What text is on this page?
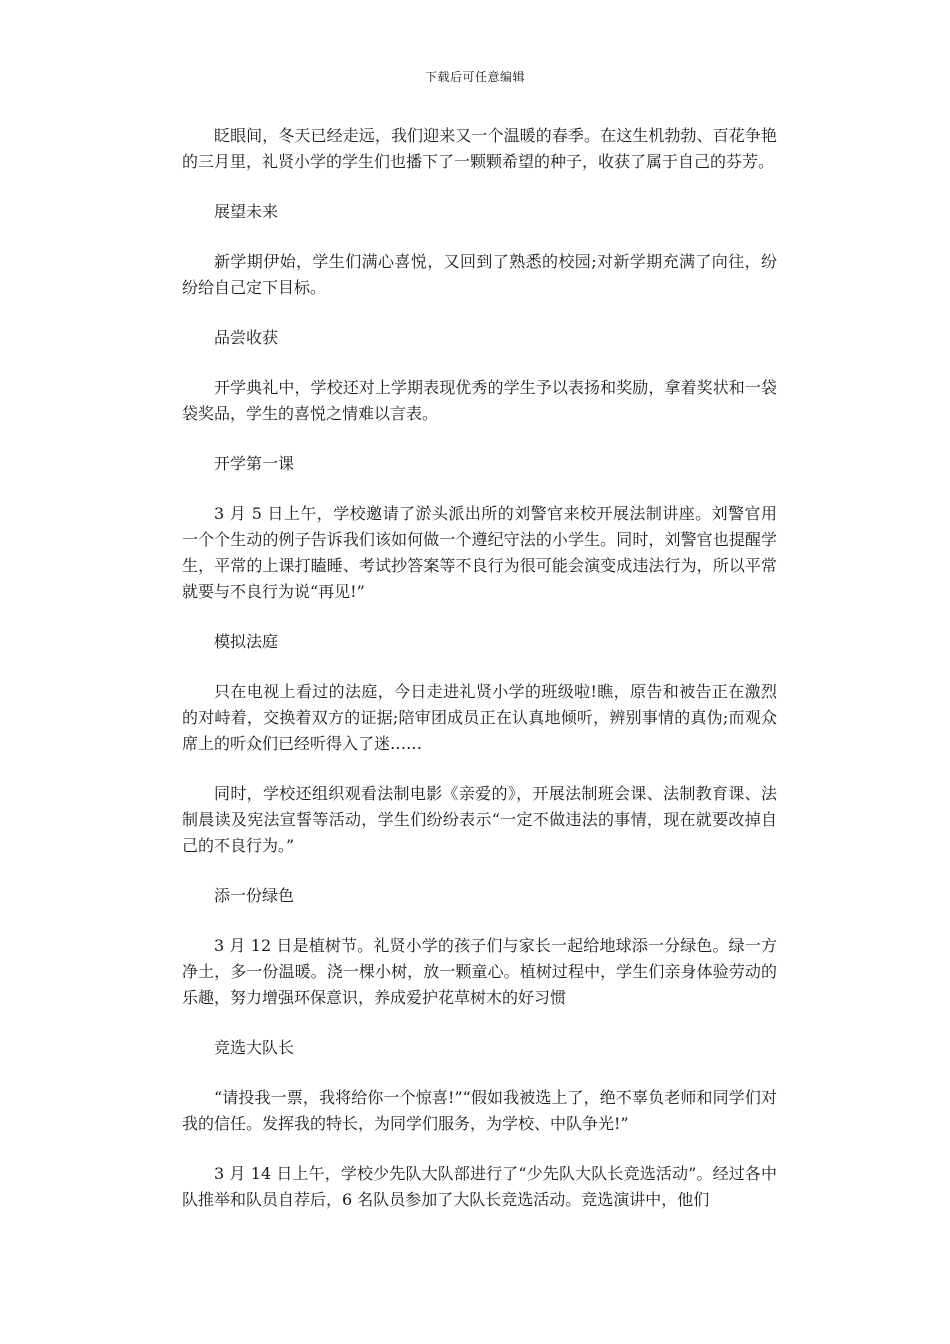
下载后可任意编辑

眨眼间，冬天已经走远，我们迎来又一个温暖的春季。在这生机勃勃、百花争艳的三月里，礼贤小学的学生们也播下了一颗颗希望的种子，收获了属于自己的芬芳。

展望未来

新学期伊始，学生们满心喜悦，又回到了熟悉的校园;对新学期充满了向往，纷纷给自己定下目标。

品尝收获

开学典礼中，学校还对上学期表现优秀的学生予以表扬和奖励，拿着奖状和一袋袋奖品，学生的喜悦之情难以言表。

开学第一课

3 月 5 日上午，学校邀请了淤头派出所的刘警官来校开展法制讲座。刘警官用一个个生动的例子告诉我们该如何做一个遵纪守法的小学生。同时，刘警官也提醒学生，平常的上课打瞌睡、考试抄答案等不良行为很可能会演变成违法行为，所以平常就要与不良行为说“再见!”

模拟法庭

只在电视上看过的法庭，今日走进礼贤小学的班级啦!瞧，原告和被告正在激烈的对峙着，交换着双方的证据;陪审团成员正在认真地倾听，辨别事情的真伪;而观众席上的听众们已经听得入了迷……

同时，学校还组织观看法制电影《亲爱的》，开展法制班会课、法制教育课、法制晨读及宪法宣誓等活动，学生们纷纷表示“一定不做违法的事情，现在就要改掉自己的不良行为。”

添一份绿色

3 月 12 日是植树节。礼贤小学的孩子们与家长一起给地球添一分绿色。绿一方净土，多一份温暖。浇一棵小树，放一颗童心。植树过程中，学生们亲身体验劳动的乐趣，努力增强环保意识，养成爱护花草树木的好习惯

竞选大队长

“请投我一票，我将给你一个惊喜!”“假如我被选上了，绝不辜负老师和同学们对我的信任。发挥我的特长，为同学们服务，为学校、中队争光!”

3 月 14 日上午，学校少先队大队部进行了“少先队大队长竞选活动”。经过各中队推举和队员自荐后，6 名队员参加了大队长竞选活动。竞选演讲中，他们
